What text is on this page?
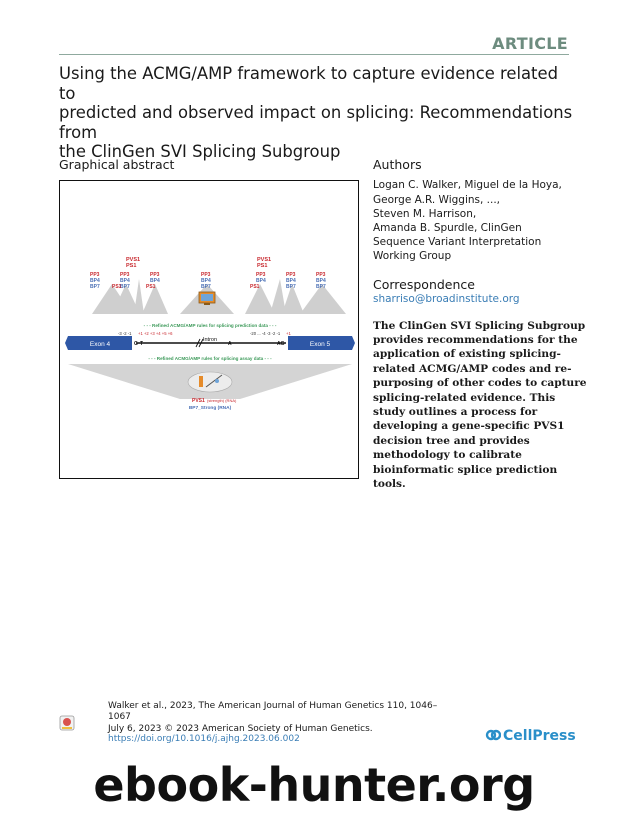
ARTICLE
Using the ACMG/AMP framework to capture evidence related to
predicted and observed impact on splicing: Recommendations from
the ClinGen SVI Splicing Subgroup
Graphical abstract
PVS1
PS1
PVS1
PS1
PP3
BP4
BP7
PP3
BP4
BP7
PS1
PP3
BP4
PS1
PP3
BP4
BP7
PP3
BP4
PS1
PP3
BP4
BP7
PP3
BP4
BP7
- - - Refined ACMG/AMP rules for splicing prediction data - - -
-3 -2 -1 +1 +2 +3 +4 +5 +6	-20 ... -4 -3 -2 -1 +1
Exon 4	Exon 5
Intron
G T	A	AG
- - - Refined ACMG/AMP rules for splicing assay data - - -
PVS1 (strength) (RNA)
BP7_Strong (RNA)
Authors
Logan C. Walker, Miguel de la Hoya,
George A.R. Wiggins, ...,
Steven M. Harrison,
Amanda B. Spurdle, ClinGen
Sequence Variant Interpretation
Working Group
Correspondence
sharriso@broadinstitute.org
The ClinGen SVI Splicing Subgroup
provides recommendations for the
application of existing splicing-
related ACMG/AMP codes and re-
purposing of other codes to capture
splicing-related evidence. This
study outlines a process for
developing a gene-specific PVS1
decision tree and provides
methodology to calibrate
bioinformatic splice prediction
tools.
Walker et al., 2023, The American Journal of Human Genetics 110, 1046–
1067
July 6, 2023 © 2023 American Society of Human Genetics.
https://doi.org/10.1016/j.ajhg.2023.06.002	CellPress
ebook-hunter.org
